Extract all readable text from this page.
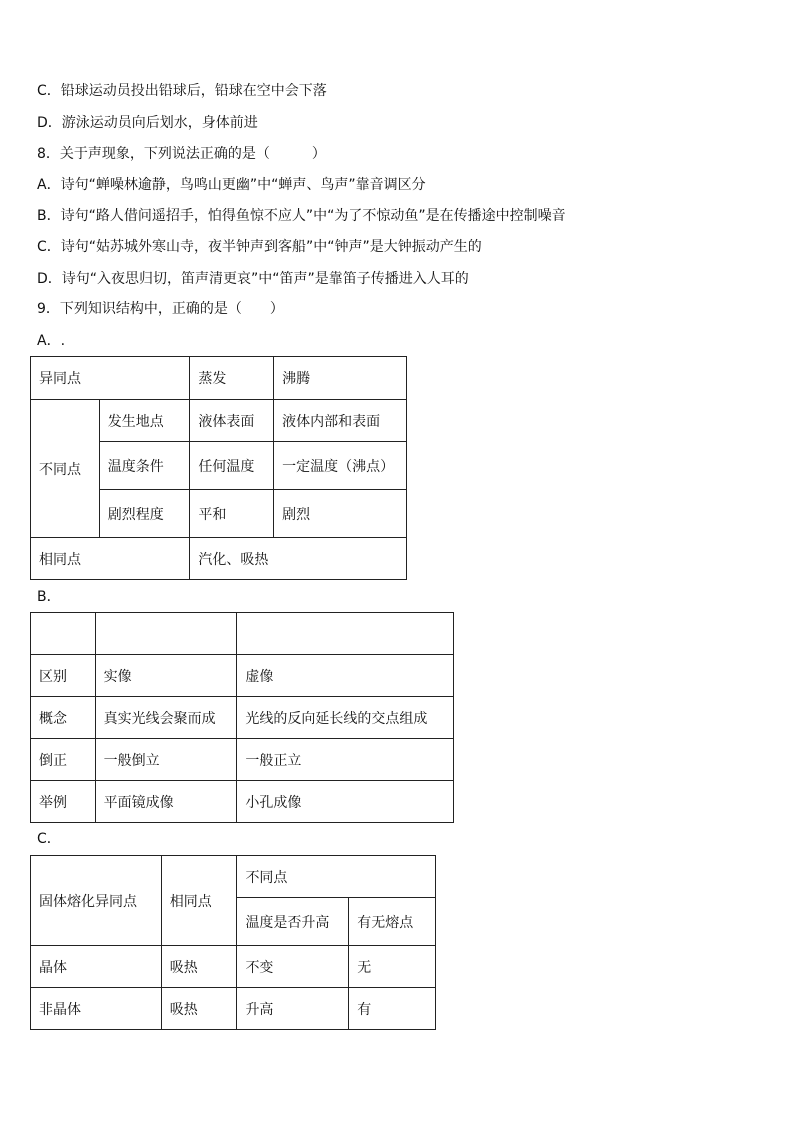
C．铅球运动员投出铅球后，铅球在空中会下落
D．游泳运动员向后划水，身体前进
8．关于声现象，下列说法正确的是（　　　）
A．诗句“蝉噪林逾静，鸟鸣山更幽”中“蝉声、鸟声”靠音调区分
B．诗句“路人借问遥招手，怕得鱼惊不应人”中“为了不惊动鱼”是在传播途中控制噪音
C．诗句“姑苏城外寒山寺，夜半钟声到客船”中“钟声”是大钟振动产生的
D．诗句“入夜思归切，笛声清更哀”中“笛声”是靠笛子传播进入人耳的
9．下列知识结构中，正确的是（　　）
A．.
异同点		蒸发	沸腾
不同点	发生地点	液体表面	液体内部和表面
	温度条件	任何温度	一定温度（沸点）
	剧烈程度	平和	剧烈
相同点		汽化、吸热	
B．

区别	实像	虚像
概念	真实光线会聚而成	光线的反向延长线的交点组成
倒正	一般倒立	一般正立
举例	平面镜成像	小孔成像
C．
固体熔化异同点	相同点	不同点	
		温度是否升高	有无熔点
晶体	吸热	不变	无
非晶体	吸热	升高	有
